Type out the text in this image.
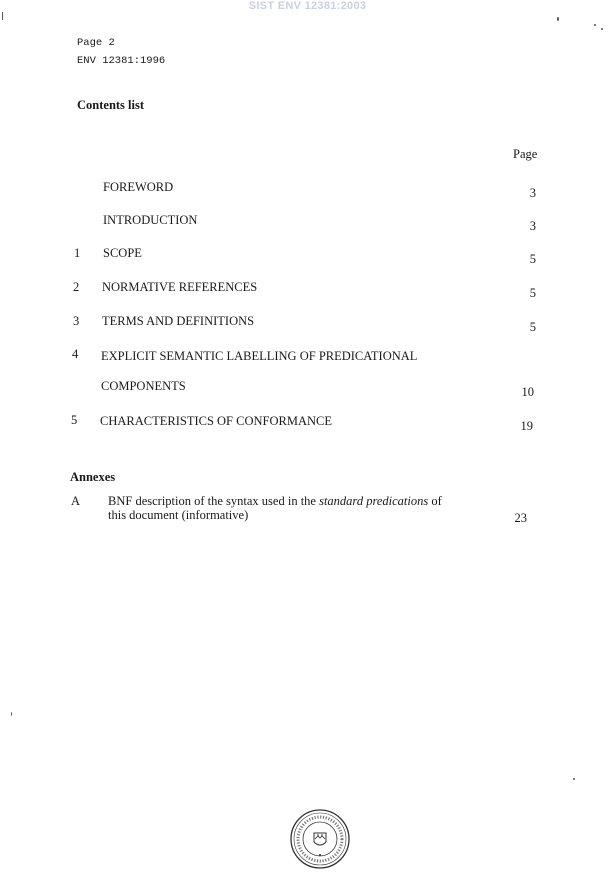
SIST ENV 12381:2003
Page 2
ENV 12381:1996
Contents list
Page
FOREWORD	3
INTRODUCTION	3
1 SCOPE	5
2 NORMATIVE REFERENCES	5
3 TERMS AND DEFINITIONS	5
4 EXPLICIT SEMANTIC LABELLING OF PREDICATIONAL
COMPONENTS	10
5 CHARACTERISTICS OF CONFORMANCE	19
Annexes
A BNF description of the syntax used in the standard predications of
this document (informative)	23
